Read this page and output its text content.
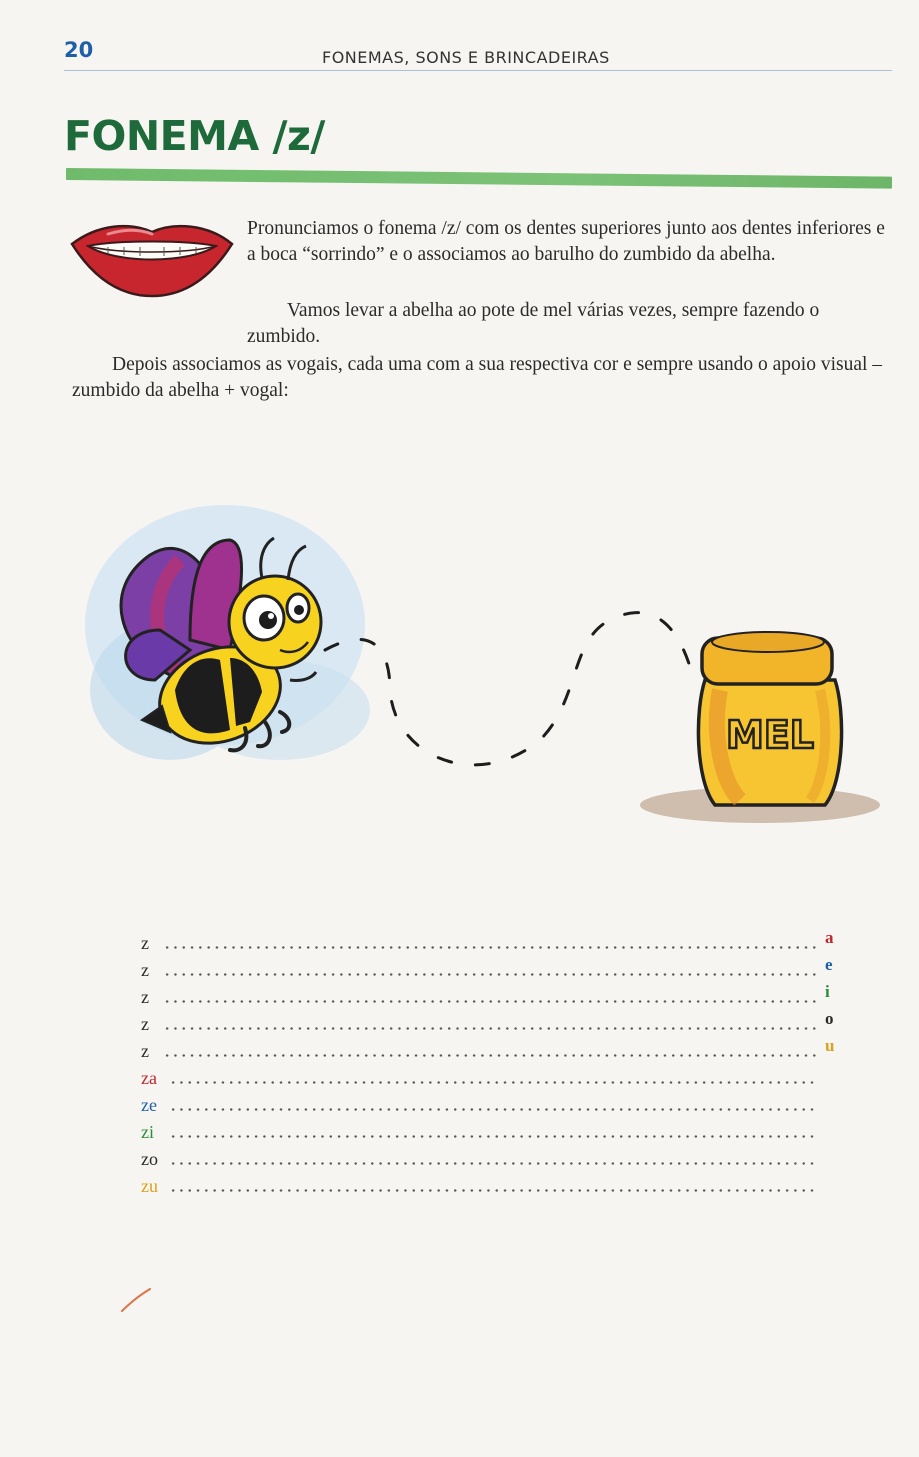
20	FONEMAS, SONS E BRINCADEIRAS
FONEMA /z/

Pronunciamos o fonema /z/ com os dentes superiores junto aos dentes inferiores e a boca “sorrindo” e o associamos ao barulho do zumbido da abelha.

Vamos levar a abelha ao pote de mel várias vezes, sempre fazendo o zumbido.

Depois associamos as vogais, cada uma com a sua respectiva cor e sempre usando o apoio visual – zumbido da abelha + vogal:

MEL
z	a
z	e
z	i
z	o
z	u
za
ze
zi
zo
zu
